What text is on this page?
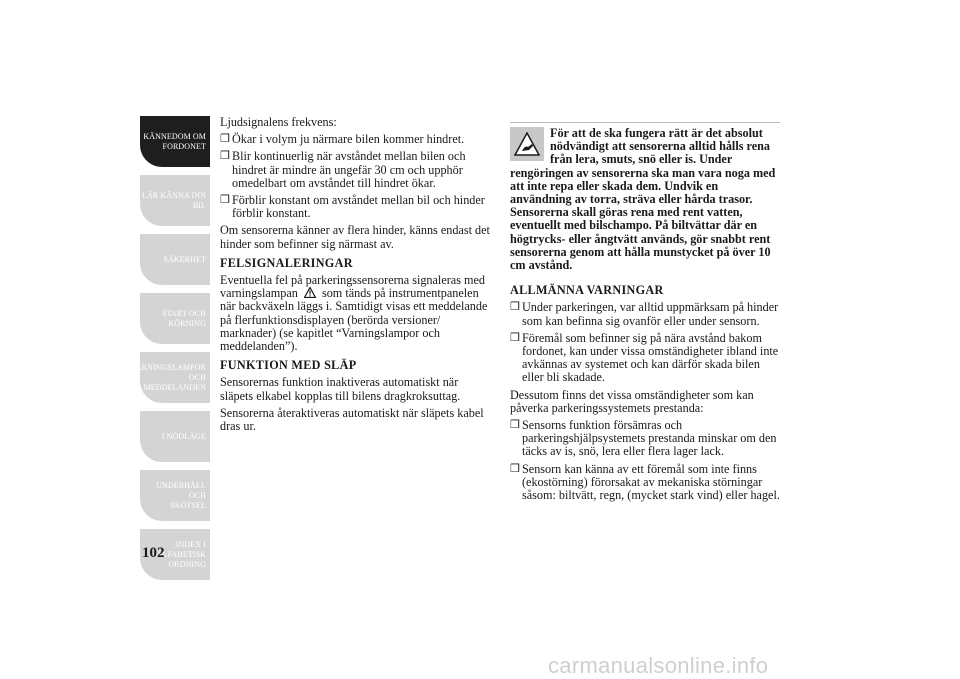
KÄNNEDOM OM
FORDONET
LÄR KÄNNA DIN
BIL
SÄKERHET
START OCH
KÖRNING
VARNINGSLAMPOR
OCH
MEDDELANDEN
I NÖDLÄGE
UNDERHÅLL OCH
SKÖTSEL
INDEX I
ALFABETISK
ORDNING
102

Ljudsignalens frekvens:

❒ Ökar i volym ju närmare bilen kommer hindret.
❒ Blir kontinuerlig när avståndet mellan bilen och hindret är mindre än ungefär 30 cm och upphör omedelbart om avståndet till hindret ökar.
❒ Förblir konstant om avståndet mellan bil och hinder förblir konstant.

Om sensorerna känner av flera hinder, känns endast det hinder som befinner sig närmast av.

FELSIGNALERINGAR

Eventuella fel på parkeringssensorerna signaleras med varningslampan som tänds på instrumentpanelen när backväxeln läggs i. Samtidigt visas ett meddelande på flerfunktionsdisplayen (berörda versioner/ marknader) (se kapitlet “Varningslampor och meddelanden”).

FUNKTION MED SLÄP

Sensorernas funktion inaktiveras automatiskt när släpets elkabel kopplas till bilens dragkroksuttag.

Sensorerna återaktiveras automatiskt när släpets kabel dras ur.

För att de ska fungera rätt är det absolut nödvändigt att sensorerna alltid hålls rena från lera, smuts, snö eller is. Under rengöringen av sensorerna ska man vara noga med att inte repa eller skada dem. Undvik en användning av torra, sträva eller hårda trasor. Sensorerna skall göras rena med rent vatten, eventuellt med bilschampo. På biltvättar där en högtrycks- eller ångtvätt används, gör snabbt rent sensorerna genom att hålla munstycket på över 10 cm avstånd.
ALLMÄNNA VARNINGAR
❒ Under parkeringen, var alltid uppmärksam på hinder som kan befinna sig ovanför eller under sensorn.
❒ Föremål som befinner sig på nära avstånd bakom fordonet, kan under vissa omständigheter ibland inte avkännas av systemet och kan därför skada bilen eller bli skadade.

Dessutom finns det vissa omständigheter som kan påverka parkeringssystemets prestanda:

❒ Sensorns funktion försämras och parkeringshjälpsystemets prestanda minskar om den täcks av is, snö, lera eller flera lager lack.
❒ Sensorn kan känna av ett föremål som inte finns (ekostörning) förorsakat av mekaniska störningar såsom: biltvätt, regn, (mycket stark vind) eller hagel.
carmanualsonline.info
